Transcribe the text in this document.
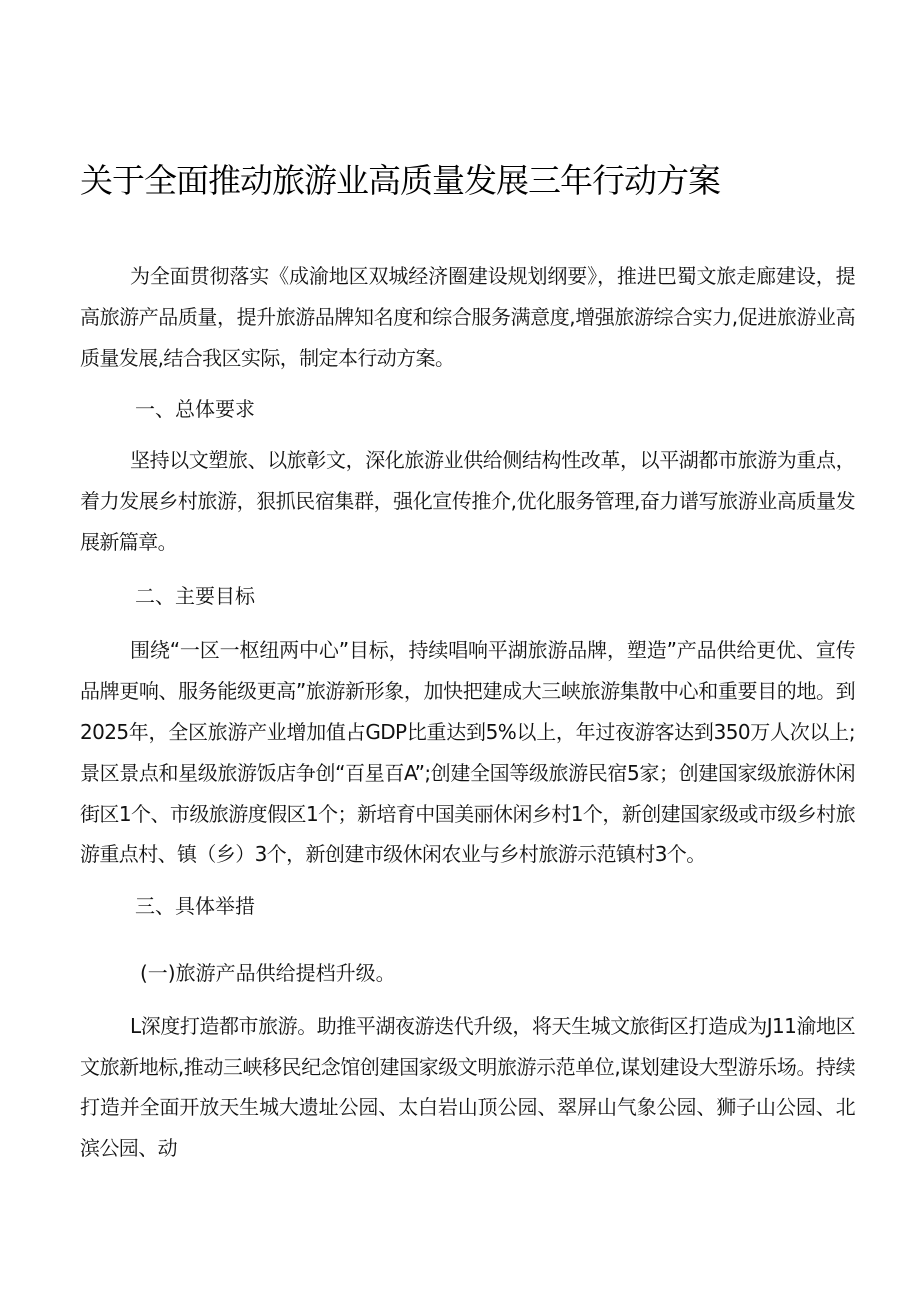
关于全面推动旅游业高质量发展三年行动方案

为全面贯彻落实《成渝地区双城经济圈建设规划纲要》，推进巴蜀文旅走廊建设，提高旅游产品质量，提升旅游品牌知名度和综合服务满意度,增强旅游综合实力,促进旅游业高质量发展,结合我区实际，制定本行动方案。

一、总体要求

坚持以文塑旅、以旅彰文，深化旅游业供给侧结构性改革，以平湖都市旅游为重点，着力发展乡村旅游，狠抓民宿集群，强化宣传推介,优化服务管理,奋力谱写旅游业高质量发展新篇章。

二、主要目标

围绕“一区一枢纽两中心”目标，持续唱响平湖旅游品牌，塑造”产品供给更优、宣传品牌更响、服务能级更高”旅游新形象，加快把建成大三峡旅游集散中心和重要目的地。到2025年，全区旅游产业增加值占GDP比重达到5%以上，年过夜游客达到350万人次以上;景区景点和星级旅游饭店争创“百星百A”;创建全国等级旅游民宿5家；创建国家级旅游休闲街区1个、市级旅游度假区1个；新培育中国美丽休闲乡村1个，新创建国家级或市级乡村旅游重点村、镇（乡）3个，新创建市级休闲农业与乡村旅游示范镇村3个。

三、具体举措

(一)旅游产品供给提档升级。

L深度打造都市旅游。助推平湖夜游迭代升级，将天生城文旅街区打造成为J11渝地区文旅新地标,推动三峡移民纪念馆创建国家级文明旅游示范单位,谋划建设大型游乐场。持续打造并全面开放天生城大遗址公园、太白岩山顶公园、翠屏山气象公园、狮子山公园、北滨公园、动
